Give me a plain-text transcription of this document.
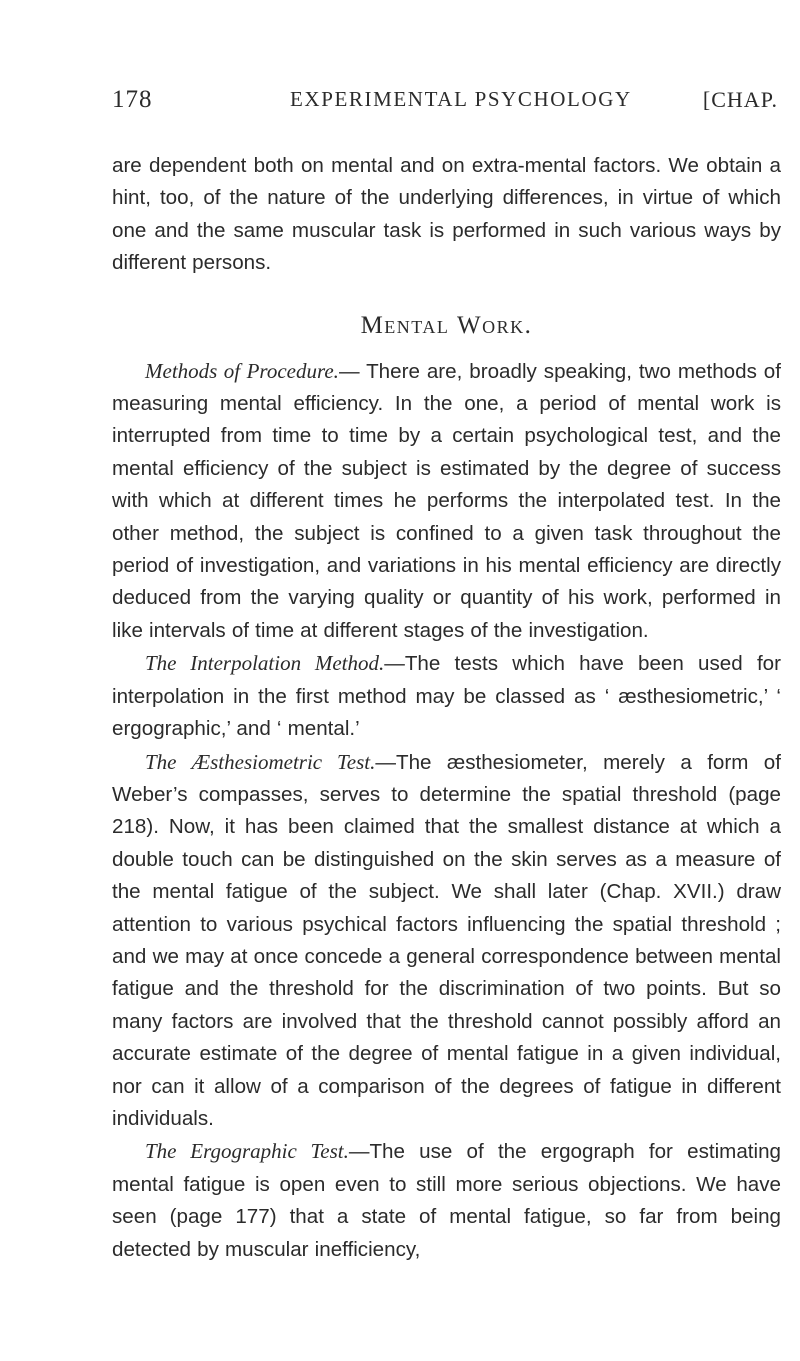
178	EXPERIMENTAL PSYCHOLOGY	[CHAP.

are dependent both on mental and on extra-mental factors. We obtain a hint, too, of the nature of the underlying differences, in virtue of which one and the same muscular task is performed in such various ways by different persons.

Mental Work.

Methods of Procedure.— There are, broadly speaking, two methods of measuring mental efficiency. In the one, a period of mental work is interrupted from time to time by a certain psychological test, and the mental efficiency of the subject is estimated by the degree of success with which at different times he performs the interpolated test. In the other method, the subject is confined to a given task throughout the period of investigation, and variations in his mental efficiency are directly deduced from the varying quality or quantity of his work, performed in like intervals of time at different stages of the investigation.

The Interpolation Method.—The tests which have been used for interpolation in the first method may be classed as ‘ æsthesiometric,’ ‘ ergographic,’ and ‘ mental.’

The Æsthesiometric Test.—The æsthesiometer, merely a form of Weber’s compasses, serves to determine the spatial threshold (page 218). Now, it has been claimed that the smallest distance at which a double touch can be distinguished on the skin serves as a measure of the mental fatigue of the subject. We shall later (Chap. XVII.) draw attention to various psychical factors influencing the spatial threshold ; and we may at once concede a general correspondence between mental fatigue and the threshold for the discrimination of two points. But so many factors are involved that the threshold cannot possibly afford an accurate estimate of the degree of mental fatigue in a given individual, nor can it allow of a comparison of the degrees of fatigue in different individuals.

The Ergographic Test.—The use of the ergograph for estimating mental fatigue is open even to still more serious objections. We have seen (page 177) that a state of mental fatigue, so far from being detected by muscular inefficiency,
